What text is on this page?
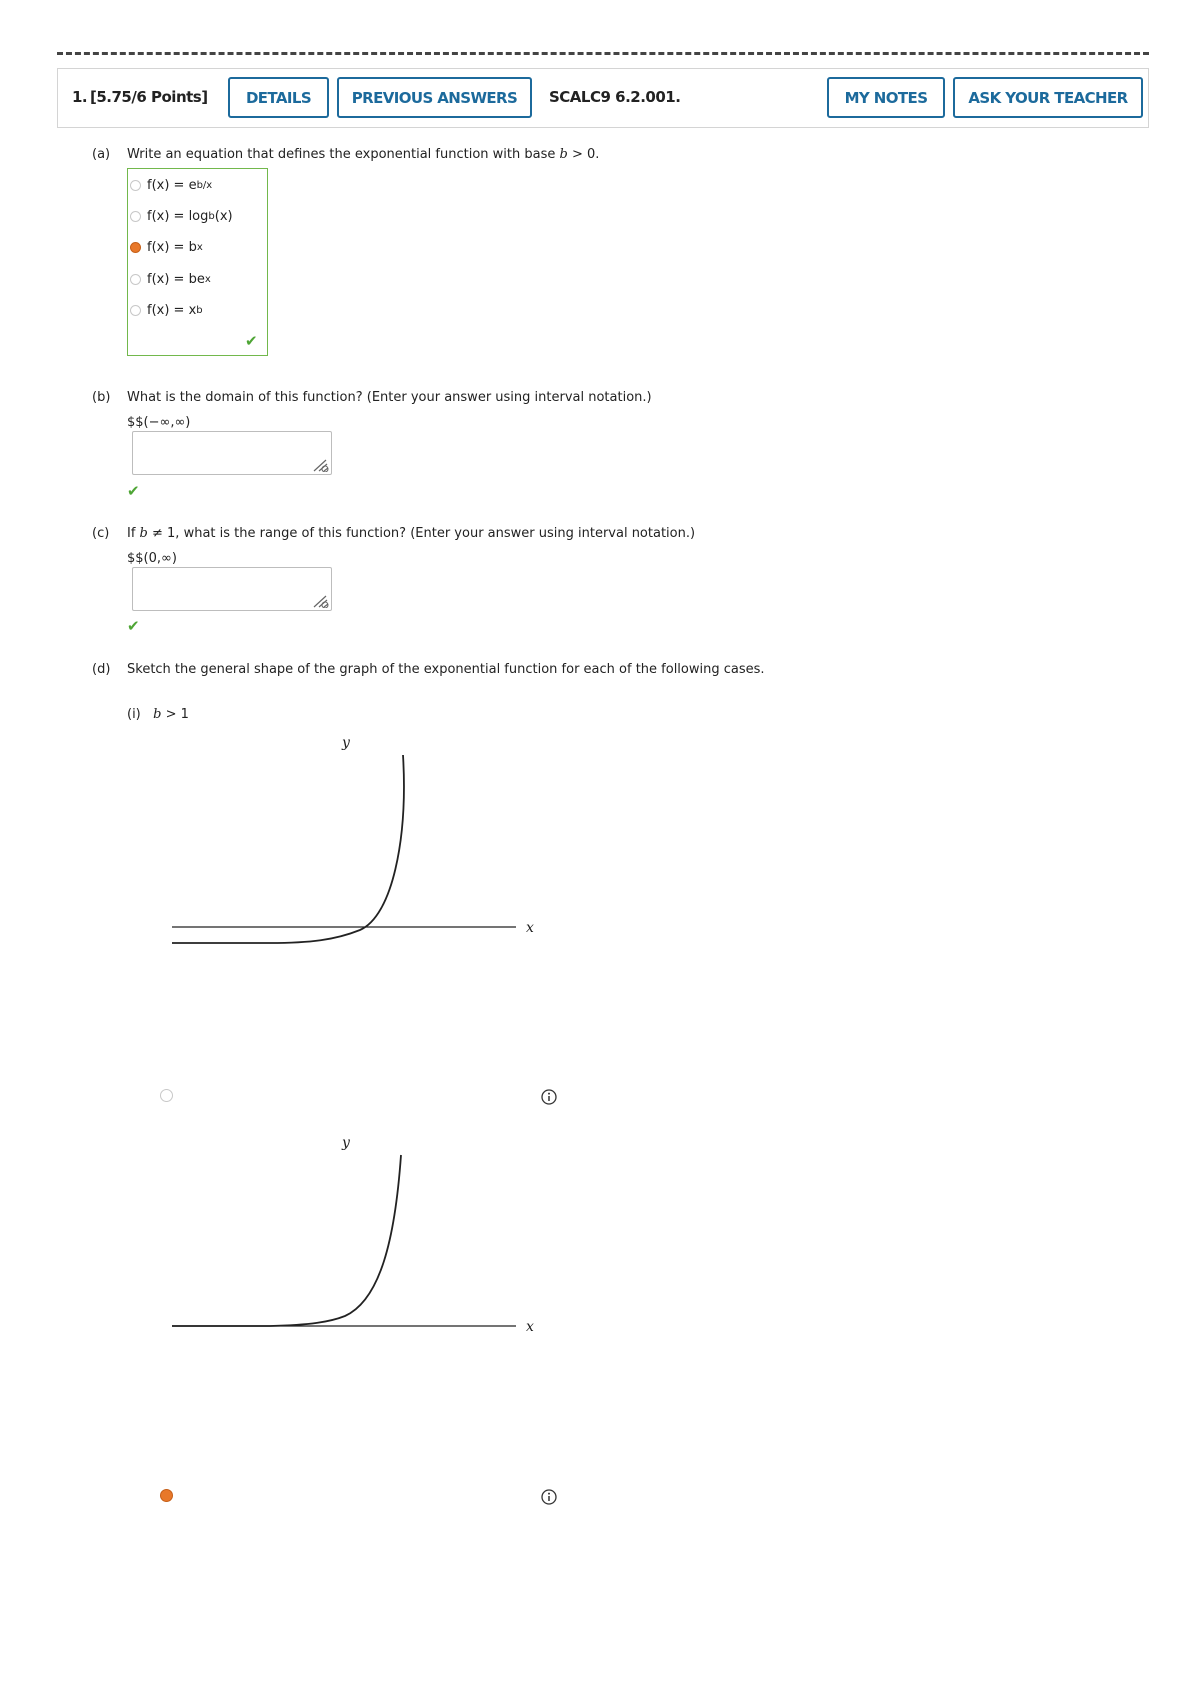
1. [5.75/6 Points]	DETAILS	PREVIOUS ANSWERS	SCALC9 6.2.001.	MY NOTES	ASK YOUR TEACHER
(a) Write an equation that defines the exponential function with base b > 0.
f(x) = e b/x
f(x) = log b (x)
f(x) = b x
f(x) = be x
f(x) = x b
✔
(b) What is the domain of this function? (Enter your answer using interval notation.)
$$(−∞,∞)
✔
(c) If b ≠ 1, what is the range of this function? (Enter your answer using interval notation.)
$$(0,∞)
✔
(d) Sketch the general shape of the graph of the exponential function for each of the following cases.
(i) b > 1
y
x
y
x
